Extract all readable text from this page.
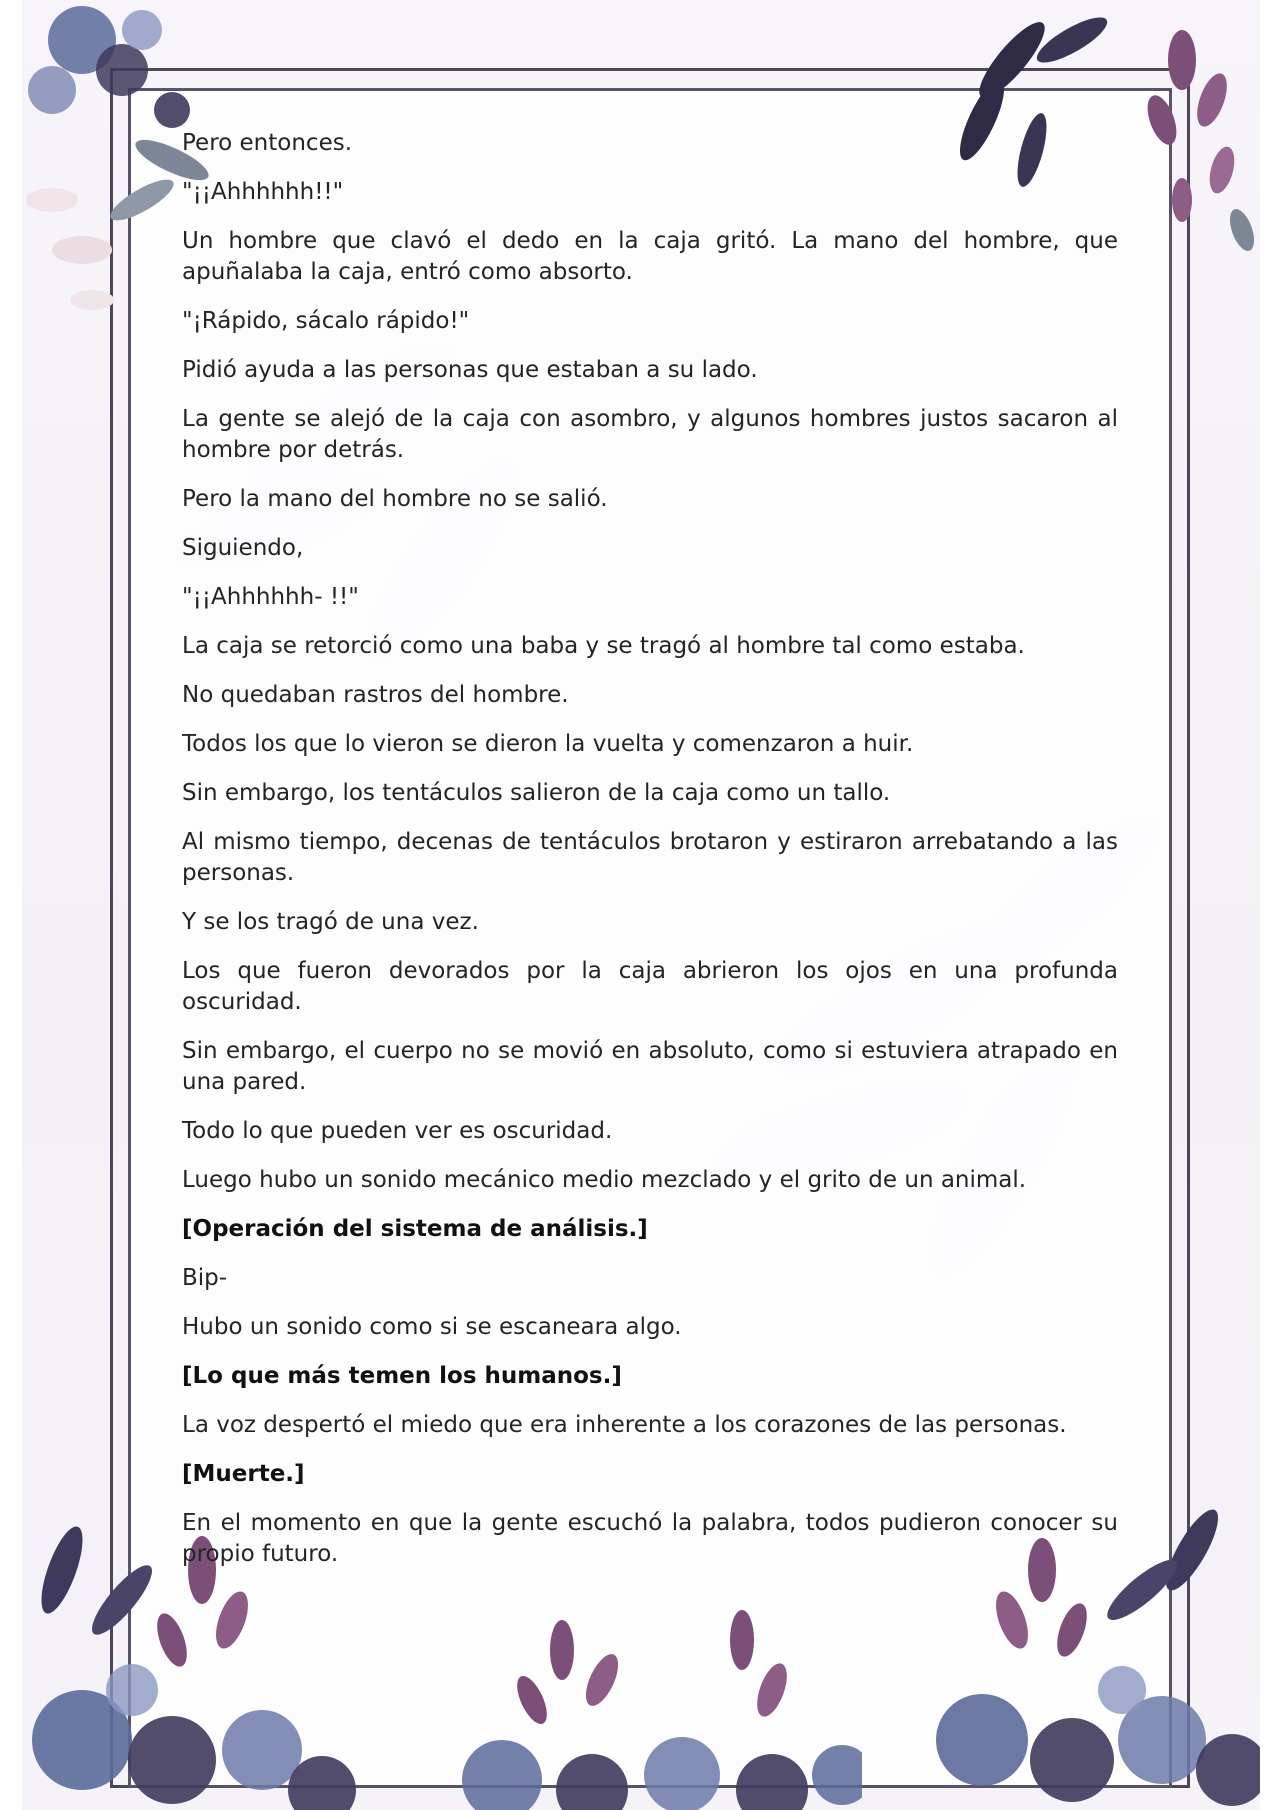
Pero entonces.

"¡¡Ahhhhhh!!"

Un hombre que clavó el dedo en la caja gritó. La mano del hombre, que apuñalaba la caja, entró como absorto.

"¡Rápido, sácalo rápido!"

Pidió ayuda a las personas que estaban a su lado.

La gente se alejó de la caja con asombro, y algunos hombres justos sacaron al hombre por detrás.

Pero la mano del hombre no se salió.

Siguiendo,

"¡¡Ahhhhhh- !!"

La caja se retorció como una baba y se tragó al hombre tal como estaba.

No quedaban rastros del hombre.

Todos los que lo vieron se dieron la vuelta y comenzaron a huir.

Sin embargo, los tentáculos salieron de la caja como un tallo.

Al mismo tiempo, decenas de tentáculos brotaron y estiraron arrebatando a las personas.

Y se los tragó de una vez.

Los que fueron devorados por la caja abrieron los ojos en una profunda oscuridad.

Sin embargo, el cuerpo no se movió en absoluto, como si estuviera atrapado en una pared.

Todo lo que pueden ver es oscuridad.

Luego hubo un sonido mecánico medio mezclado y el grito de un animal.

[Operación del sistema de análisis.]

Bip-

Hubo un sonido como si se escaneara algo.

[Lo que más temen los humanos.]

La voz despertó el miedo que era inherente a los corazones de las personas.

[Muerte.]

En el momento en que la gente escuchó la palabra, todos pudieron conocer su propio futuro.
